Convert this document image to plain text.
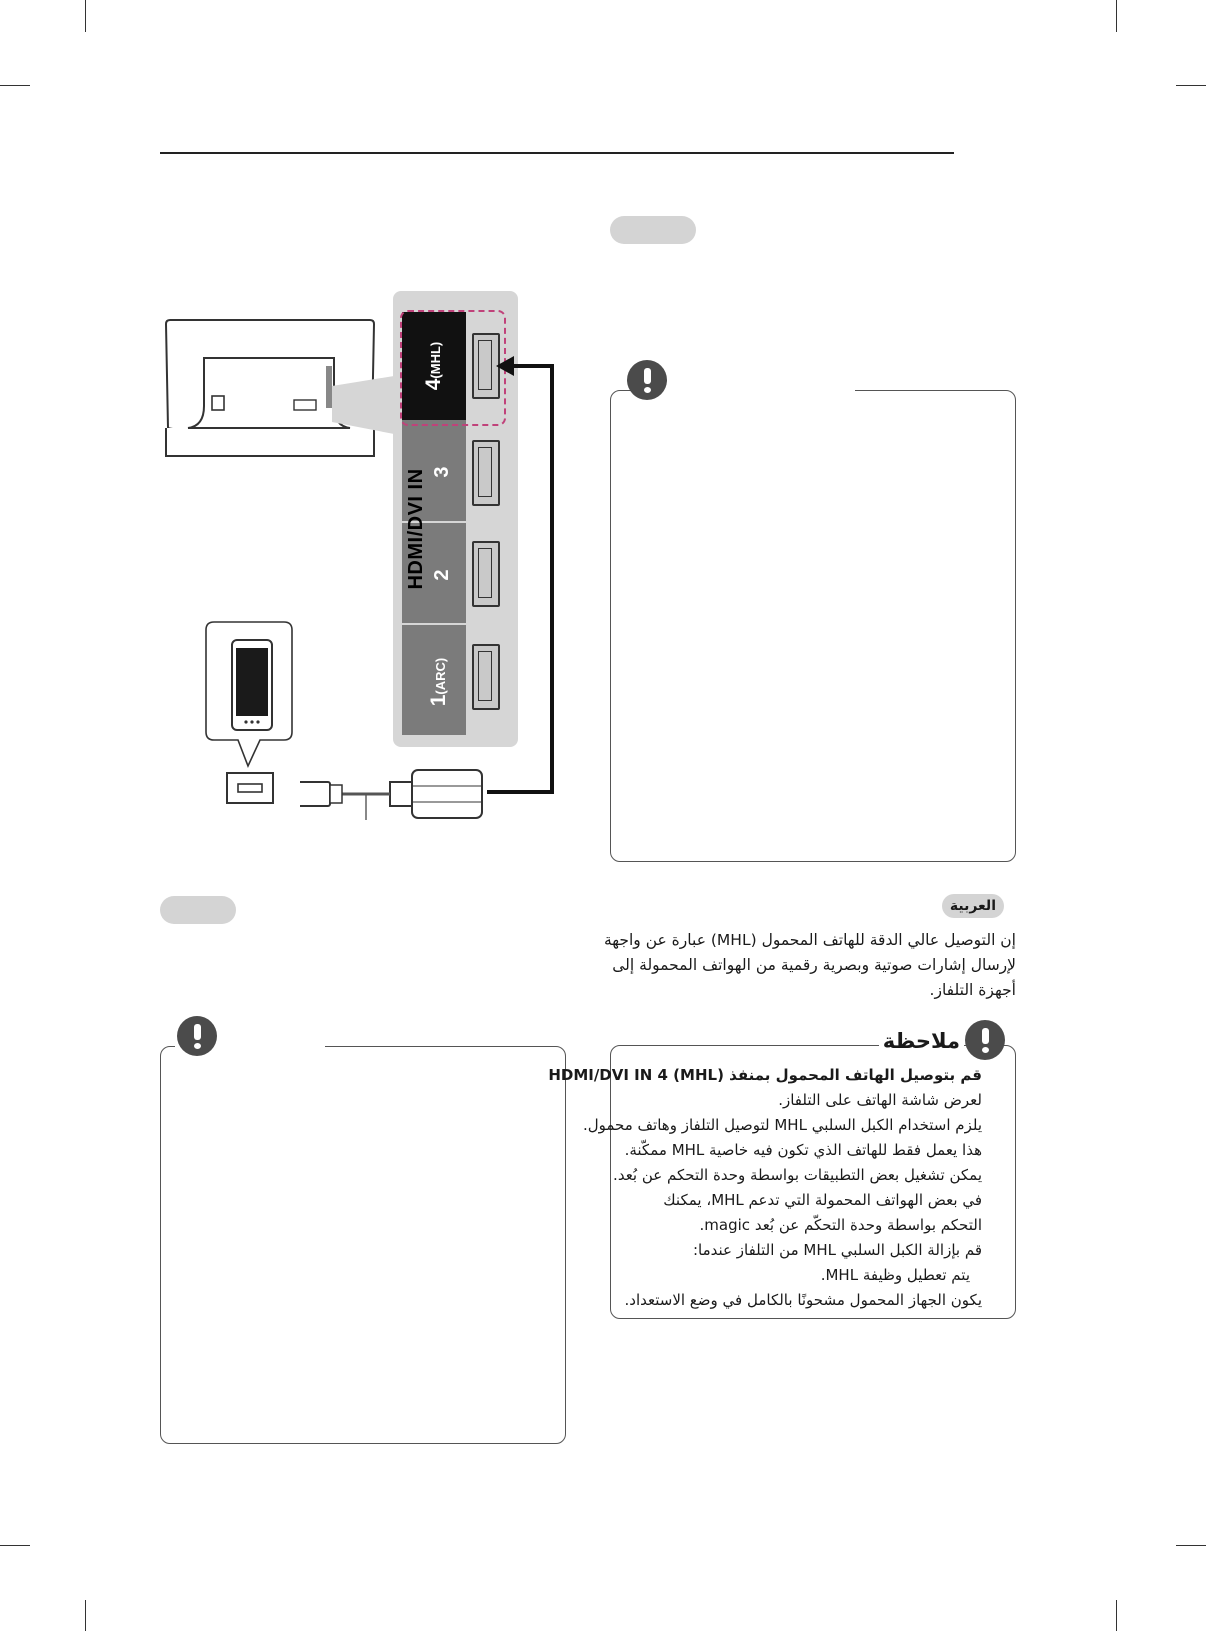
4(MHL)
3
2
1(ARC)
HDMI/DVI IN
العربية
إن التوصيل عالي الدقة للهاتف المحمول (MHL) عبارة عن واجهة
لإرسال إشارات صوتية وبصرية رقمية من الهواتف المحمولة إلى
أجهزة التلفاز.
ملاحظة
قم بتوصيل الهاتف المحمول بمنفذ HDMI/DVI IN 4 (MHL)
لعرض شاشة الهاتف على التلفاز.
يلزم استخدام الكبل السلبي MHL لتوصيل التلفاز وهاتف محمول.
هذا يعمل فقط للهاتف الذي تكون فيه خاصية MHL ممكّنة.
يمكن تشغيل بعض التطبيقات بواسطة وحدة التحكم عن بُعد.
في بعض الهواتف المحمولة التي تدعم MHL، يمكنك
التحكم بواسطة وحدة التحكّم عن بُعد magic.
قم بإزالة الكبل السلبي MHL من التلفاز عندما:
يتم تعطيل وظيفة MHL.
يكون الجهاز المحمول مشحونًا بالكامل في وضع الاستعداد.
